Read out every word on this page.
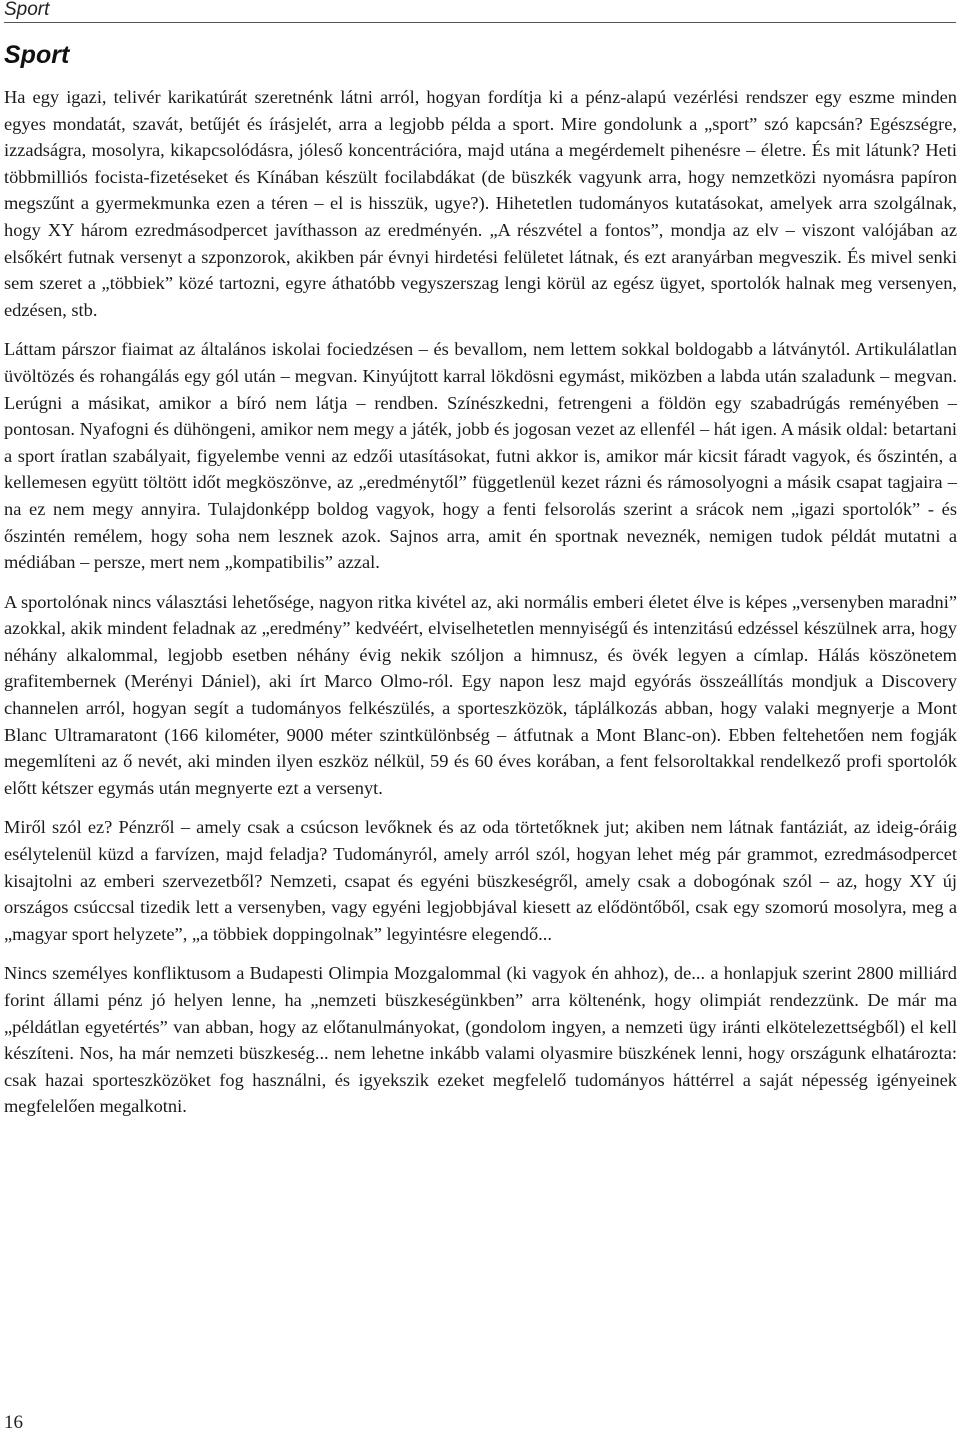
Sport
Sport

Ha egy igazi, telivér karikatúrát szeretnénk látni arról, hogyan fordítja ki a pénz-alapú vezérlési rendszer egy eszme minden egyes mondatát, szavát, betűjét és írásjelét, arra a legjobb példa a sport. Mire gondolunk a „sport” szó kapcsán? Egészségre, izzadságra, mosolyra, kikapcsolódásra, jóleső koncentrációra, majd utána a megérdemelt pihenésre – életre. És mit látunk? Heti többmilliós focista-fizetéseket és Kínában készült focilabdákat (de büszkék vagyunk arra, hogy nemzetközi nyomásra papíron megszűnt a gyermekmunka ezen a téren – el is hisszük, ugye?). Hihetetlen tudományos kutatásokat, amelyek arra szolgálnak, hogy XY három ezredmásodpercet javíthasson az eredményén. „A részvétel a fontos”, mondja az elv – viszont valójában az elsőkért futnak versenyt a szponzorok, akikben pár évnyi hirdetési felületet látnak, és ezt aranyárban megveszik. És mivel senki sem szeret a „többiek” közé tartozni, egyre áthatóbb vegyszerszag lengi körül az egész ügyet, sportolók halnak meg versenyen, edzésen, stb.

Láttam párszor fiaimat az általános iskolai fociedzésen – és bevallom, nem lettem sokkal boldogabb a látványtól. Artikulálatlan üvöltözés és rohangálás egy gól után – megvan. Kinyújtott karral lökdösni egymást, miközben a labda után szaladunk – megvan. Lerúgni a másikat, amikor a bíró nem látja – rendben. Színészkedni, fetrengeni a földön egy szabadrúgás reményében – pontosan. Nyafogni és dühöngeni, amikor nem megy a játék, jobb és jogosan vezet az ellenfél – hát igen. A másik oldal: betartani a sport íratlan szabályait, figyelembe venni az edzői utasításokat, futni akkor is, amikor már kicsit fáradt vagyok, és őszintén, a kellemesen együtt töltött időt megköszönve, az „eredménytől” függetlenül kezet rázni és rámosolyogni a másik csapat tagjaira – na ez nem megy annyira. Tulajdonképp boldog vagyok, hogy a fenti felsorolás szerint a srácok nem „igazi sportolók” - és őszintén remélem, hogy soha nem lesznek azok. Sajnos arra, amit én sportnak neveznék, nemigen tudok példát mutatni a médiában – persze, mert nem „kompatibilis” azzal.

A sportolónak nincs választási lehetősége, nagyon ritka kivétel az, aki normális emberi életet élve is képes „versenyben maradni” azokkal, akik mindent feladnak az „eredmény” kedvéért, elviselhetetlen mennyiségű és intenzitású edzéssel készülnek arra, hogy néhány alkalommal, legjobb esetben néhány évig nekik szóljon a himnusz, és övék legyen a címlap. Hálás köszönetem grafitembernek (Merényi Dániel), aki írt Marco Olmo-ról. Egy napon lesz majd egyórás összeállítás mondjuk a Discovery channelen arról, hogyan segít a tudományos felkészülés, a sporteszközök, táplálkozás abban, hogy valaki megnyerje a Mont Blanc Ultramaratont (166 kilométer, 9000 méter szintkülönbség – átfutnak a Mont Blanc-on). Ebben feltehetően nem fogják megemlíteni az ő nevét, aki minden ilyen eszköz nélkül, 59 és 60 éves korában, a fent felsoroltakkal rendelkező profi sportolók előtt kétszer egymás után megnyerte ezt a versenyt.

Miről szól ez? Pénzről – amely csak a csúcson levőknek és az oda törtetőknek jut; akiben nem látnak fantáziát, az ideig-óráig esélytelenül küzd a farvízen, majd feladja? Tudományról, amely arról szól, hogyan lehet még pár grammot, ezredmásodpercet kisajtolni az emberi szervezetből? Nemzeti, csapat és egyéni büszkeségről, amely csak a dobogónak szól – az, hogy XY új országos csúccsal tizedik lett a versenyben, vagy egyéni legjobbjával kiesett az elődöntőből, csak egy szomorú mosolyra, meg a „magyar sport helyzete”, „a többiek doppingolnak” legyintésre elegendő...

Nincs személyes konfliktusom a Budapesti Olimpia Mozgalommal (ki vagyok én ahhoz), de... a honlapjuk szerint 2800 milliárd forint állami pénz jó helyen lenne, ha „nemzeti büszkeségünkben” arra költenénk, hogy olimpiát rendezzünk. De már ma „példátlan egyetértés” van abban, hogy az előtanulmányokat, (gondolom ingyen, a nemzeti ügy iránti elkötelezettségből) el kell készíteni. Nos, ha már nemzeti büszkeség... nem lehetne inkább valami olyasmire büszkének lenni, hogy országunk elhatározta: csak hazai sporteszközöket fog használni, és igyekszik ezeket megfelelő tudományos háttérrel a saját népesség igényeinek megfelelően megalkotni.

16
